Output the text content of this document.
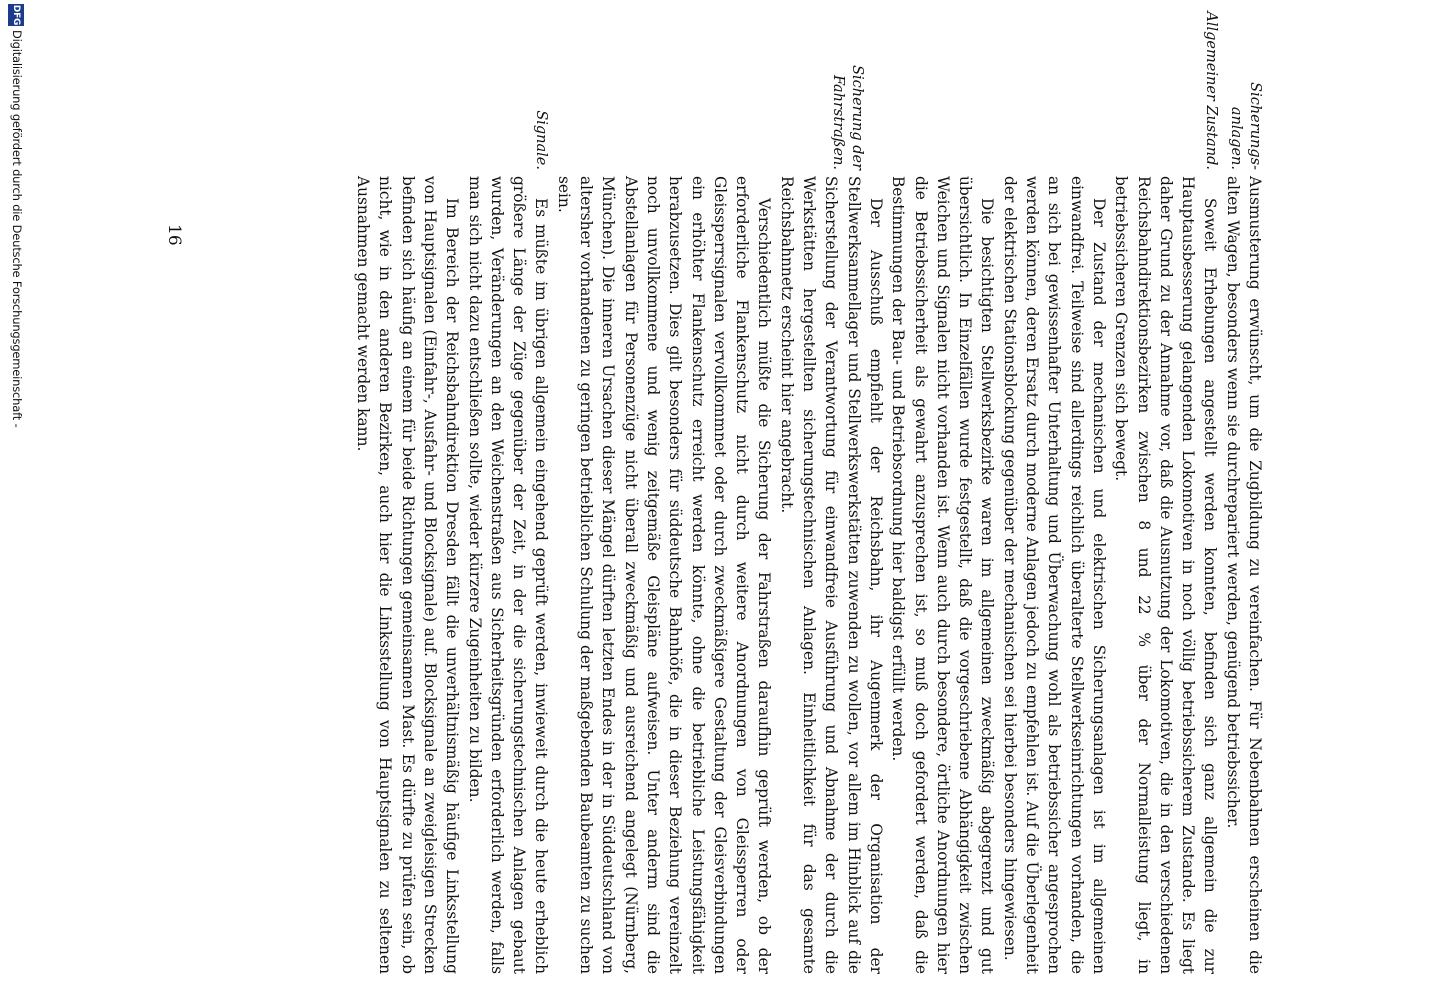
Sicherungs-
anlagen.
Allgemeiner Zustand.
Sicherung der
Fahrstraßen.
Signale.

Ausmusterung erwünscht, um die Zugbildung zu vereinfachen. Für Nebenbahnen erscheinen die alten Wagen, besonders wenn sie durchrepariert werden, genügend betriebssicher.

Soweit Erhebungen angestellt werden konnten, befinden sich ganz allgemein die zur Hauptausbesserung gelangenden Lokomotiven in noch völlig betriebssicherem Zustande. Es liegt daher Grund zu der Annahme vor, daß die Ausnutzung der Lokomotiven, die in den verschiedenen Reichsbahndirektionsbezirken zwischen 8 und 22 % über der Normalleistung liegt, in betriebssicheren Grenzen sich bewegt.

Der Zustand der mechanischen und elektrischen Sicherungsanlagen ist im allgemeinen einwandfrei. Teilweise sind allerdings reichlich überalterte Stellwerkseinrichtungen vorhanden, die an sich bei gewissenhafter Unterhaltung und Überwachung wohl als betriebssicher angesprochen werden können, deren Ersatz durch moderne Anlagen jedoch zu empfehlen ist. Auf die Überlegenheit der elektrischen Stationsblockung gegenüber der mechanischen sei hierbei besonders hingewiesen.

Die besichtigten Stellwerksbezirke waren im allgemeinen zweckmäßig abgegrenzt und gut übersichtlich. In Einzelfällen wurde festgestellt, daß die vorgeschriebene Abhängigkeit zwischen Weichen und Signalen nicht vorhanden ist. Wenn auch durch besondere, örtliche Anordnungen hier die Betriebssicherheit als gewahrt anzusprechen ist, so muß doch gefordert werden, daß die Bestimmungen der Bau- und Betriebsordnung hier baldigst erfüllt werden.

Der Ausschuß empfiehlt der Reichsbahn, ihr Augenmerk der Organisation der Stellwerksanmellager und Stellwerkswerkstätten zuwenden zu wollen, vor allem im Hinblick auf die Sicherstellung der Verantwortung für einwandfreie Ausführung und Abnahme der durch die Werkstätten hergestellten sicherungstechnischen Anlagen. Einheitlichkeit für das gesamte Reichsbahnnetz erscheint hier angebracht.

Verschiedentlich müßte die Sicherung der Fahrstraßen daraufhin geprüft werden, ob der erforderliche Flankenschutz nicht durch weitere Anordnungen von Gleissperren oder Gleissperrsignalen vervollkommnet oder durch zweckmäßigere Gestaltung der Gleisverbindungen ein erhöhter Flankenschutz erreicht werden könnte, ohne die betriebliche Leistungsfähigkeit herabzusetzen. Dies gilt besonders für süddeutsche Bahnhöfe, die in dieser Beziehung vereinzelt noch unvollkommene und wenig zeitgemäße Gleispläne aufweisen. Unter anderm sind die Abstellanlagen für Personenzüge nicht überall zweckmäßig und ausreichend angelegt (Nürnberg, München). Die inneren Ursachen dieser Mängel dürften letzten Endes in der in Süddeutschland von altersher vorhandenen zu geringen betrieblichen Schulung der maßgebenden Baubeamten zu suchen sein.

Es müßte im übrigen allgemein eingehend geprüft werden, inwieweit durch die heute erheblich größere Länge der Züge gegenüber der Zeit, in der die sicherungstechnischen Anlagen gebaut wurden, Veränderungen an den Weichenstraßen aus Sicherheitsgründen erforderlich werden, falls man sich nicht dazu entschließen sollte, wieder kürzere Zugeinheiten zu bilden.

Im Bereich der Reichsbahndirektion Dresden fällt die unverhältnismäßig häufige Linksstellung von Hauptsignalen (Einfahr-, Ausfahr- und Blocksignale) auf. Blocksignale an zweigleisigen Strecken befinden sich häufig an einem für beide Richtungen gemeinsamen Mast. Es dürfte zu prüfen sein, ob nicht, wie in den anderen Bezirken, auch hier die Linksstellung von Hauptsignalen zu seltenen Ausnahmen gemacht werden kann.

16
DFG
Digitalisierung gefördert durch die Deutsche Forschungsgemeinschaft -
